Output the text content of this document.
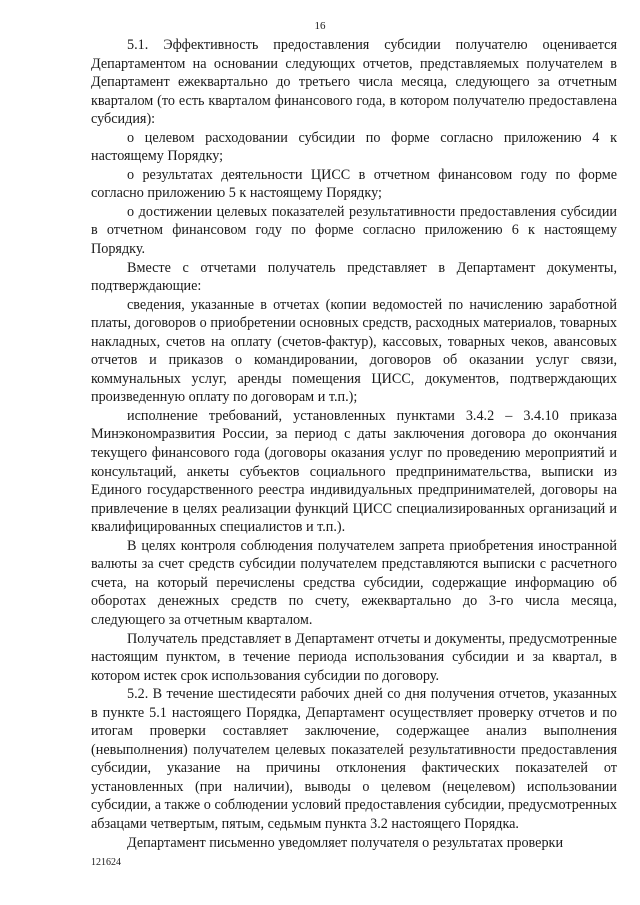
16

5.1. Эффективность предоставления субсидии получателю оценивается Департаментом на основании следующих отчетов, представляемых получателем в Департамент ежеквартально до третьего числа месяца, следующего за отчетным кварталом (то есть кварталом финансового года, в котором получателю предоставлена субсидия):

о целевом расходовании субсидии по форме согласно приложению 4 к настоящему Порядку;

о результатах деятельности ЦИСС в отчетном финансовом году по форме согласно приложению 5 к настоящему Порядку;

о достижении целевых показателей результативности предоставления субсидии в отчетном финансовом году по форме согласно приложению 6 к настоящему Порядку.

Вместе с отчетами получатель представляет в Департамент документы, подтверждающие:

сведения, указанные в отчетах (копии ведомостей по начислению заработной платы, договоров о приобретении основных средств, расходных материалов, товарных накладных, счетов на оплату (счетов-фактур), кассовых, товарных чеков, авансовых отчетов и приказов о командировании, договоров об оказании услуг связи, коммунальных услуг, аренды помещения ЦИСС, документов, подтверждающих произведенную оплату по договорам и т.п.);

исполнение требований, установленных пунктами 3.4.2 – 3.4.10 приказа Минэкономразвития России, за период с даты заключения договора до окончания текущего финансового года (договоры оказания услуг по проведению мероприятий и консультаций, анкеты субъектов социального предпринимательства, выписки из Единого государственного реестра индивидуальных предпринимателей, договоры на привлечение в целях реализации функций ЦИСС специализированных организаций и квалифицированных специалистов и т.п.).

В целях контроля соблюдения получателем запрета приобретения иностранной валюты за счет средств субсидии получателем представляются выписки с расчетного счета, на который перечислены средства субсидии, содержащие информацию об оборотах денежных средств по счету, ежеквартально до 3-го числа месяца, следующего за отчетным кварталом.

Получатель представляет в Департамент отчеты и документы, предусмотренные настоящим пунктом, в течение периода использования субсидии и за квартал, в котором истек срок использования субсидии по договору.

5.2. В течение шестидесяти рабочих дней со дня получения отчетов, указанных в пункте 5.1 настоящего Порядка, Департамент осуществляет проверку отчетов и по итогам проверки составляет заключение, содержащее анализ выполнения (невыполнения) получателем целевых показателей результативности предоставления субсидии, указание на причины отклонения фактических показателей от установленных (при наличии), выводы о целевом (нецелевом) использовании субсидии, а также о соблюдении условий предоставления субсидии, предусмотренных абзацами четвертым, пятым, седьмым пункта 3.2 настоящего Порядка.

Департамент письменно уведомляет получателя о результатах проверки

121624
